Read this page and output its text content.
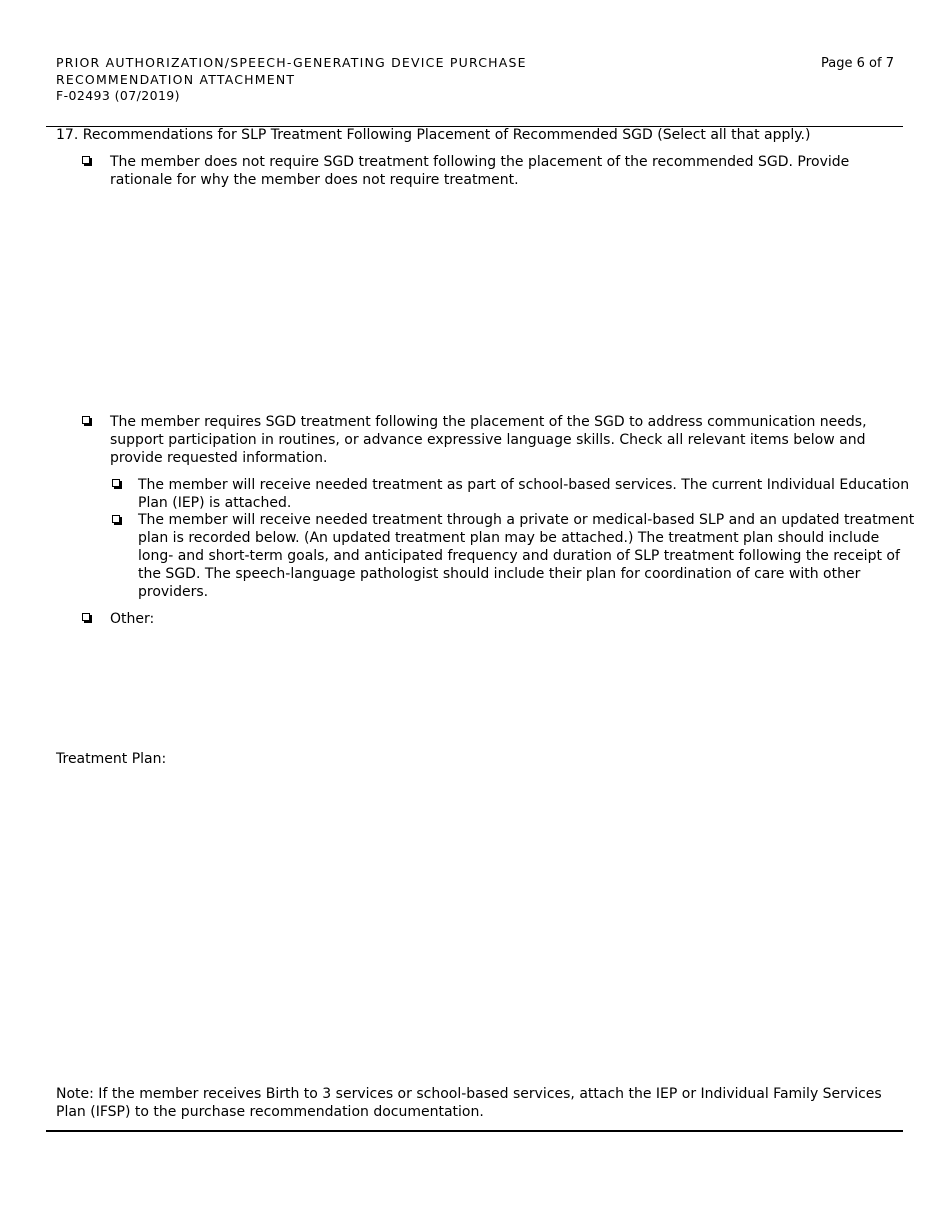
PRIOR AUTHORIZATION/SPEECH-GENERATING DEVICE PURCHASE
RECOMMENDATION ATTACHMENT
F-02493 (07/2019)
Page 6 of 7
17. Recommendations for SLP Treatment Following Placement of Recommended SGD (Select all that apply.)
The member does not require SGD treatment following the placement of the recommended SGD. Provide
rationale for why the member does not require treatment.
The member requires SGD treatment following the placement of the SGD to address communication needs,
support participation in routines, or advance expressive language skills. Check all relevant items below and
provide requested information.
The member will receive needed treatment as part of school-based services. The current Individual Education
Plan (IEP) is attached.
The member will receive needed treatment through a private or medical-based SLP and an updated treatment
plan is recorded below. (An updated treatment plan may be attached.) The treatment plan should include
long- and short-term goals, and anticipated frequency and duration of SLP treatment following the receipt of
the SGD. The speech-language pathologist should include their plan for coordination of care with other
providers.
Other:
Treatment Plan:
Note: If the member receives Birth to 3 services or school-based services, attach the IEP or Individual Family Services
Plan (IFSP) to the purchase recommendation documentation.
